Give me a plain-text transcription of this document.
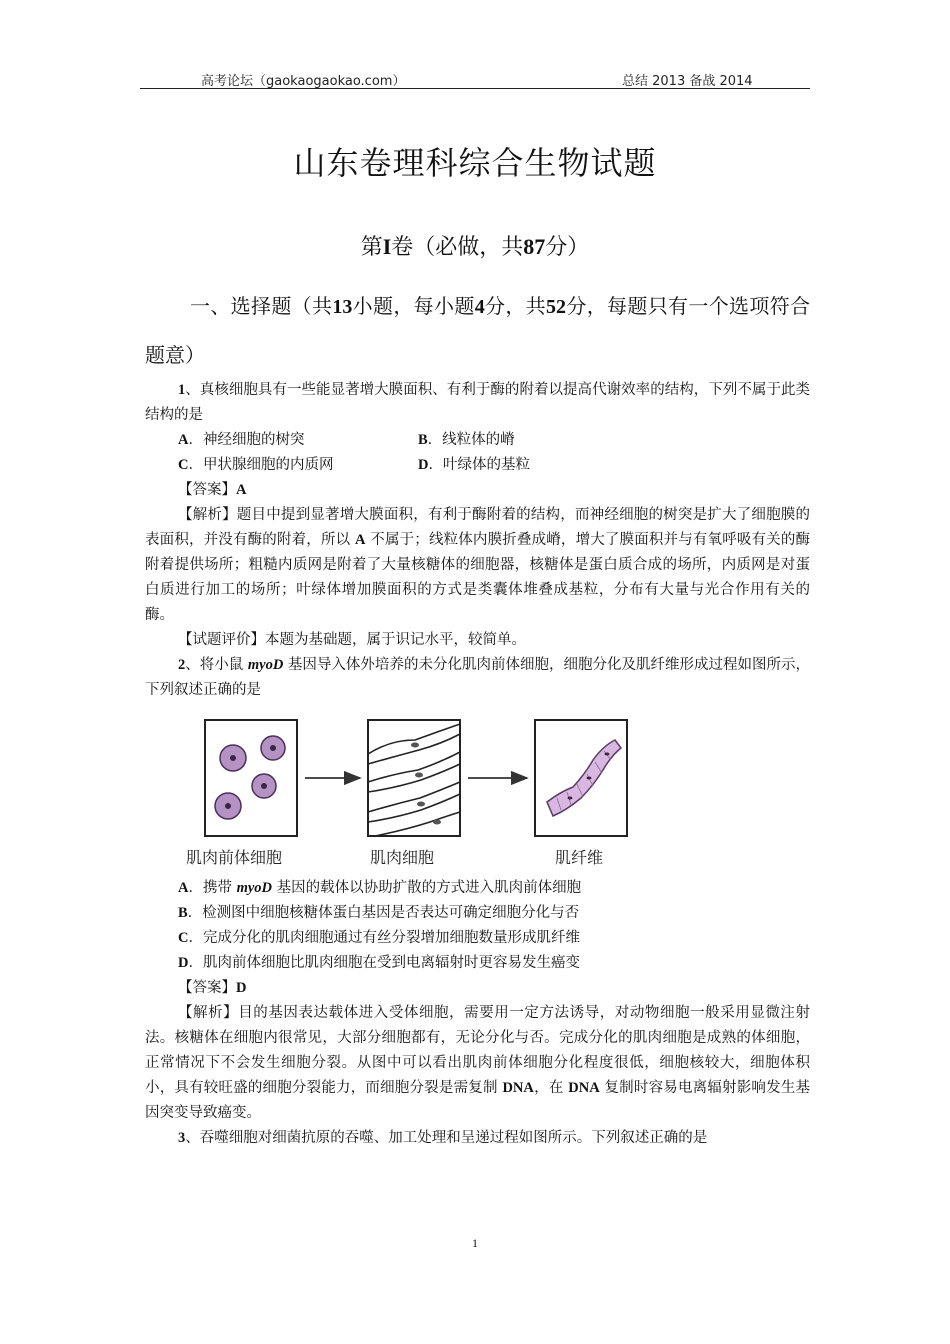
高考论坛（gaokaogaokao.com）	总结 2013 备战 2014
山东卷理科综合生物试题
第I卷（必做，共87分）
一、选择题（共13小题，每小题4分，共52分，每题只有一个选项符合题意）
1、真核细胞具有一些能显著增大膜面积、有利于酶的附着以提高代谢效率的结构，下列不属于此类结构的是
A．神经细胞的树突	B．线粒体的嵴
C．甲状腺细胞的内质网	D．叶绿体的基粒
【答案】A
【解析】题目中提到显著增大膜面积，有利于酶附着的结构，而神经细胞的树突是扩大了细胞膜的表面积，并没有酶的附着，所以 A 不属于；线粒体内膜折叠成嵴，增大了膜面积并与有氧呼吸有关的酶附着提供场所；粗糙内质网是附着了大量核糖体的细胞器，核糖体是蛋白质合成的场所，内质网是对蛋白质进行加工的场所；叶绿体增加膜面积的方式是类囊体堆叠成基粒，分布有大量与光合作用有关的酶。
【试题评价】本题为基础题，属于识记水平，较简单。
2、将小鼠 myoD 基因导入体外培养的未分化肌肉前体细胞，细胞分化及肌纤维形成过程如图所示，下列叙述正确的是
肌肉前体细胞	肌肉细胞	肌纤维
A．携带 myoD 基因的载体以协助扩散的方式进入肌肉前体细胞
B．检测图中细胞核糖体蛋白基因是否表达可确定细胞分化与否
C．完成分化的肌肉细胞通过有丝分裂增加细胞数量形成肌纤维
D．肌肉前体细胞比肌肉细胞在受到电离辐射时更容易发生癌变
【答案】D
【解析】目的基因表达载体进入受体细胞，需要用一定方法诱导，对动物细胞一般采用显微注射法。核糖体在细胞内很常见，大部分细胞都有，无论分化与否。完成分化的肌肉细胞是成熟的体细胞，正常情况下不会发生细胞分裂。从图中可以看出肌肉前体细胞分化程度很低，细胞核较大，细胞体积小，具有较旺盛的细胞分裂能力，而细胞分裂是需复制 DNA，在 DNA 复制时容易电离辐射影响发生基因突变导致癌变。
3、吞噬细胞对细菌抗原的吞噬、加工处理和呈递过程如图所示。下列叙述正确的是
1
